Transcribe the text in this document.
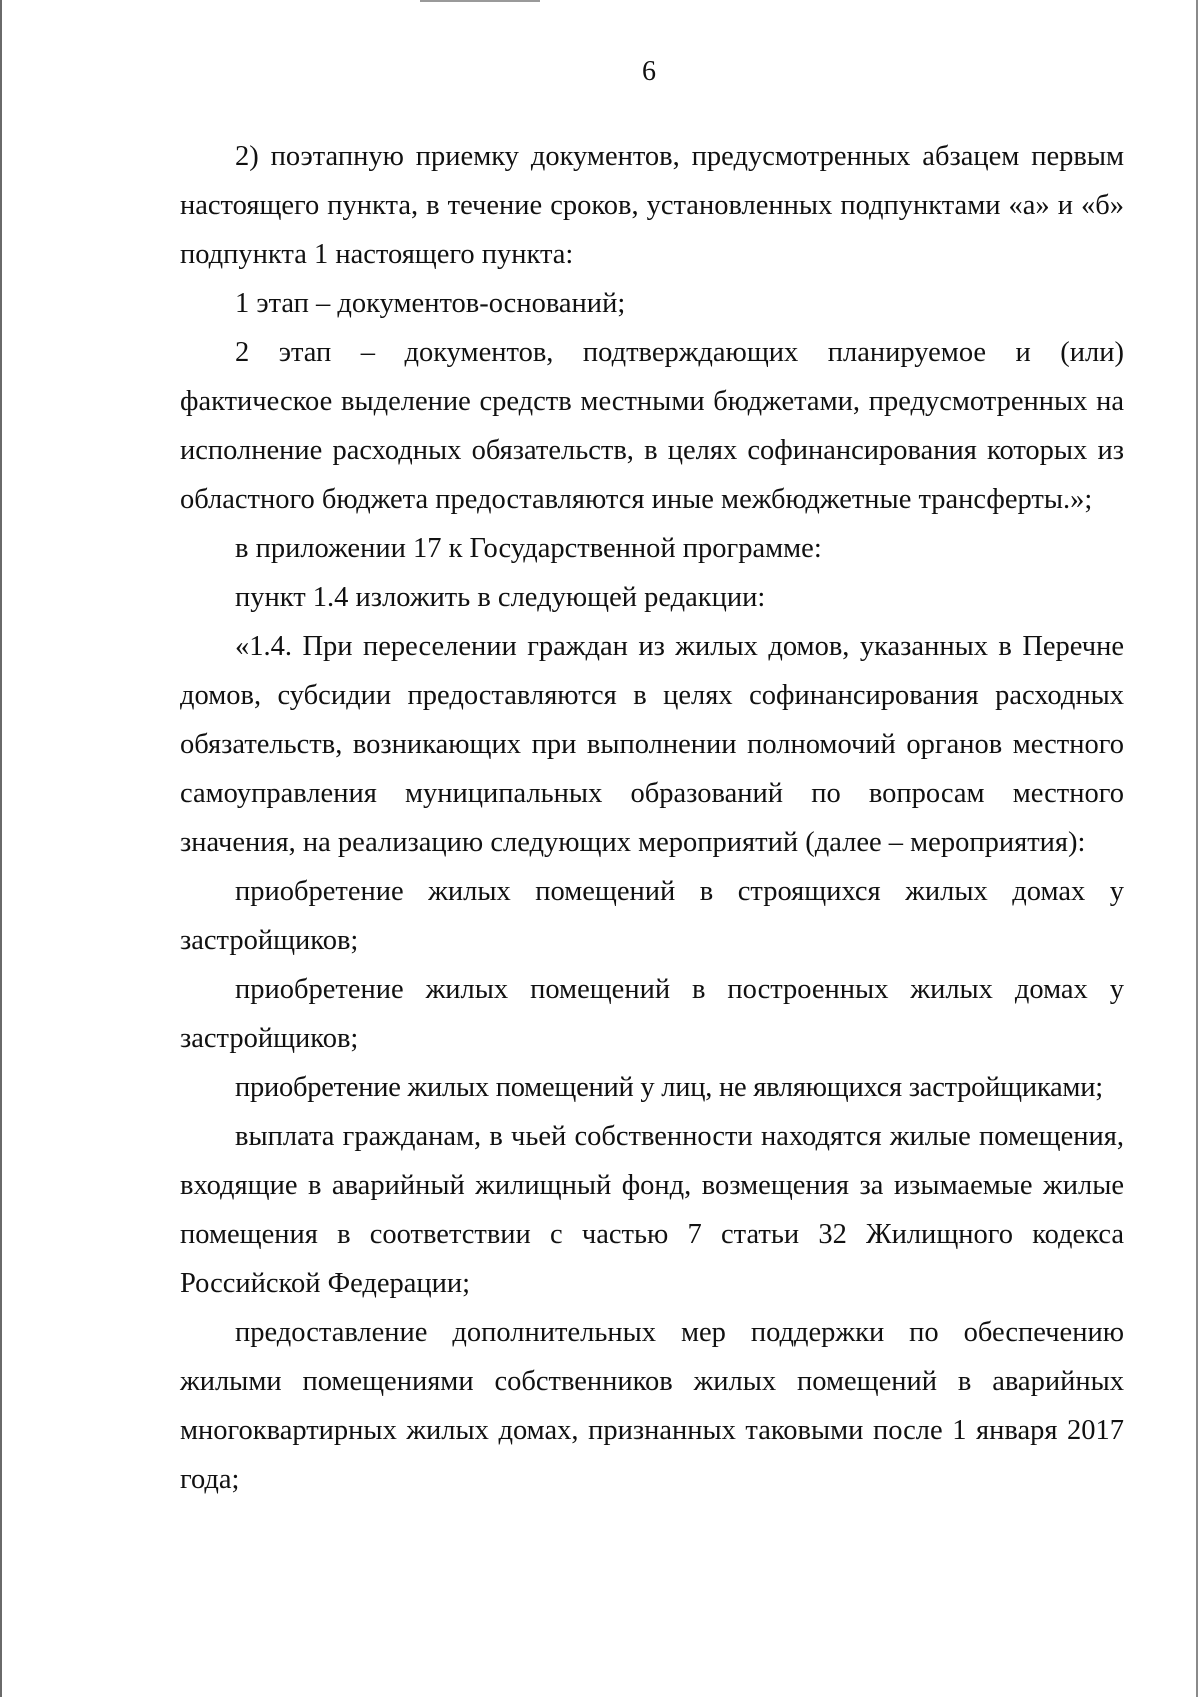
6

2) поэтапную приемку документов, предусмотренных абзацем первым настоящего пункта, в течение сроков, установленных подпунктами «а» и «б» подпункта 1 настоящего пункта:

1 этап – документов-оснований;

2 этап – документов, подтверждающих планируемое и (или) фактическое выделение средств местными бюджетами, предусмотренных на исполнение расходных обязательств, в целях софинансирования которых из областного бюджета предоставляются иные межбюджетные трансферты.»;

в приложении 17 к Государственной программе:

пункт 1.4 изложить в следующей редакции:

«1.4. При переселении граждан из жилых домов, указанных в Перечне домов, субсидии предоставляются в целях софинансирования расходных обязательств, возникающих при выполнении полномочий органов местного самоуправления муниципальных образований по вопросам местного значения, на реализацию следующих мероприятий (далее – мероприятия):

приобретение жилых помещений в строящихся жилых домах у застройщиков;

приобретение жилых помещений в построенных жилых домах у застройщиков;

приобретение жилых помещений у лиц, не являющихся застройщиками;

выплата гражданам, в чьей собственности находятся жилые помещения, входящие в аварийный жилищный фонд, возмещения за изымаемые жилые помещения в соответствии с частью 7 статьи 32 Жилищного кодекса Российской Федерации;

предоставление дополнительных мер поддержки по обеспечению жилыми помещениями собственников жилых помещений в аварийных многоквартирных жилых домах, признанных таковыми после 1 января 2017 года;
